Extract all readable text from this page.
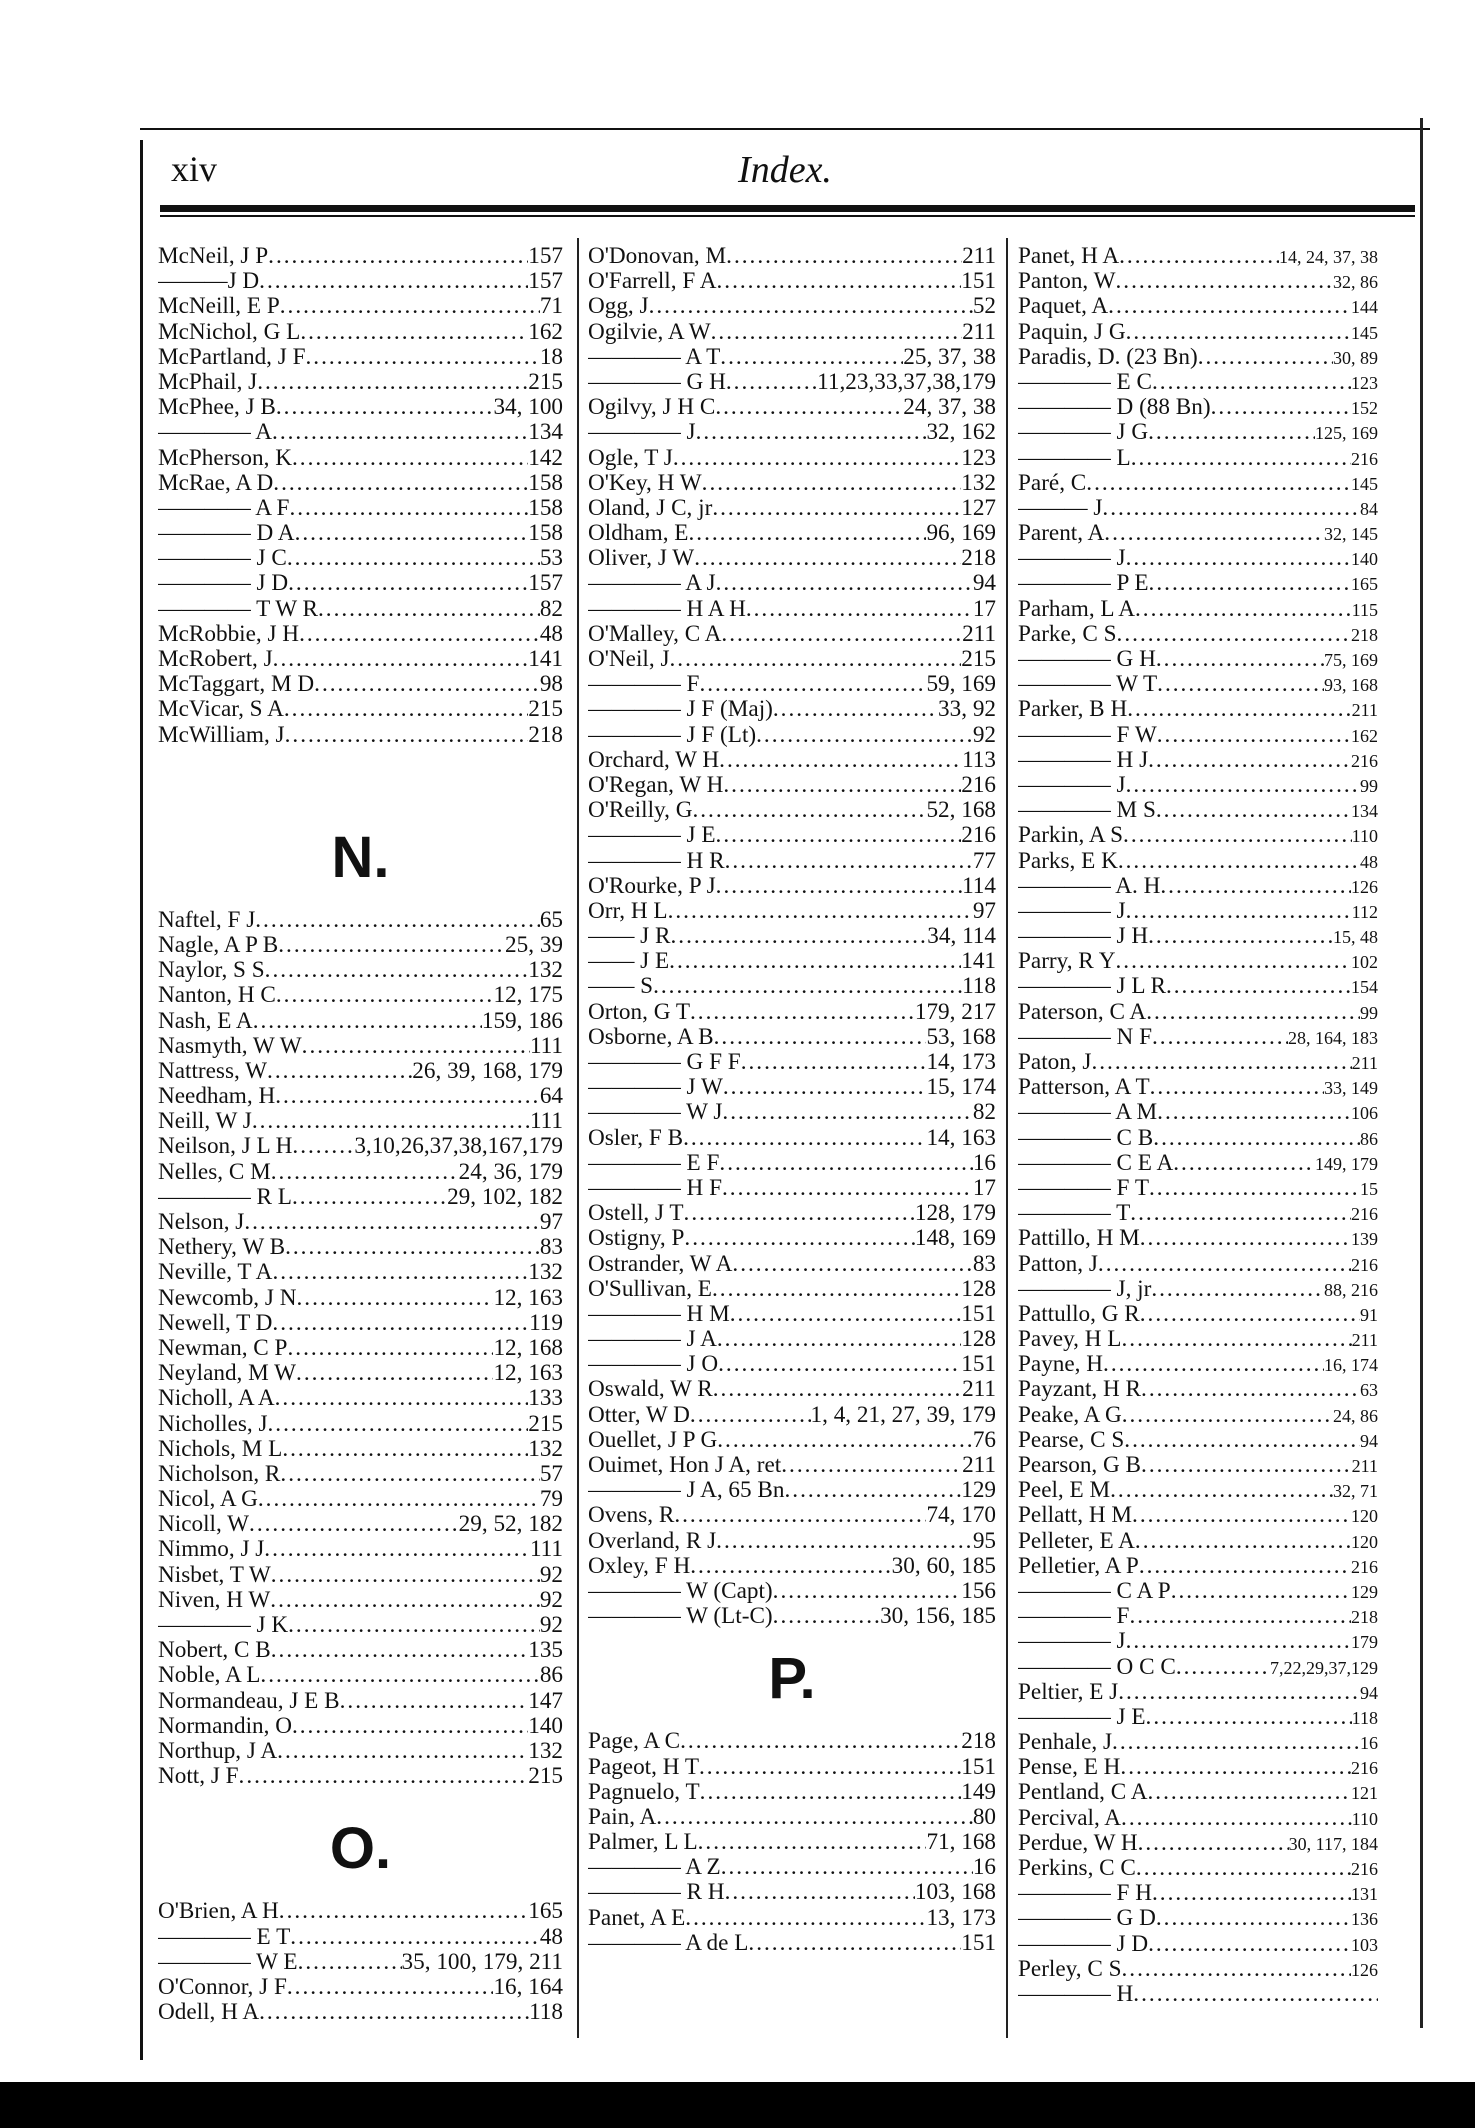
xiv	Index.
McNeil, J P .....	157
———J D .....	157
McNeill, E P .....	71
McNichol, G L .....	162
McPartland, J F .....	18
McPhail, J .....	215
McPhee, J B .....	34, 100
———— A .....	134
McPherson, K .....	142
McRae, A D .....	158
———— A F .....	158
———— D A .....	158
———— J C .....	53
———— J D .....	157
———— T W R .....	82
McRobbie, J H .....	48
McRobert, J .....	141
McTaggart, M D .....	98
McVicar, S A .....	215
McWilliam, J .....	218
N.
Naftel, F J .....	65
Nagle, A P B .....	25, 39
Naylor, S S .....	132
Nanton, H C .....	12, 175
Nash, E A .....	159, 186
Nasmyth, W W .....	111
Nattress, W .....	26, 39, 168, 179
Needham, H .....	64
Neill, W J .....	111
Neilson, J L H .....	3,10,26,37,38,167,179
Nelles, C M .....	24, 36, 179
———— R L .....	29, 102, 182
Nelson, J .....	97
Nethery, W B .....	83
Neville, T A .....	132
Newcomb, J N .....	12, 163
Newell, T D .....	119
Newman, C P .....	12, 168
Neyland, M W .....	12, 163
Nicholl, A A .....	133
Nicholles, J .....	215
Nichols, M L .....	132
Nicholson, R .....	57
Nicol, A G .....	79
Nicoll, W .....	29, 52, 182
Nimmo, J J .....	111
Nisbet, T W .....	92
Niven, H W .....	92
———— J K .....	92
Nobert, C B .....	135
Noble, A L .....	86
Normandeau, J E B .....	147
Normandin, O .....	140
Northup, J A .....	132
Nott, J F .....	215
O.
O'Brien, A H .....	165
———— E T .....	48
———— W E .....	35, 100, 179, 211
O'Connor, J F .....	16, 164
Odell, H A .....	118
O'Donovan, M .....	211
O'Farrell, F A .....	151
Ogg, J .....	52
Ogilvie, A W .....	211
———— A T .....	25, 37, 38
———— G H .....	11,23,33,37,38,179
Ogilvy, J H C .....	24, 37, 38
———— J .....	32, 162
Ogle, T J .....	123
O'Key, H W .....	132
Oland, J C, jr .....	127
Oldham, E .....	96, 169
Oliver, J W .....	218
———— A J .....	94
———— H A H .....	17
O'Malley, C A .....	211
O'Neil, J .....	215
———— F .....	59, 169
———— J F (Maj) .....	33, 92
———— J F (Lt) .....	92
Orchard, W H .....	113
O'Regan, W H .....	216
O'Reilly, G .....	52, 168
———— J E .....	216
———— H R .....	77
O'Rourke, P J .....	114
Orr, H L .....	97
—— J R .....	34, 114
—— J E .....	141
—— S .....	118
Orton, G T .....	179, 217
Osborne, A B .....	53, 168
———— G F F .....	14, 173
———— J W .....	15, 174
———— W J .....	82
Osler, F B .....	14, 163
———— E F .....	16
———— H F .....	17
Ostell, J T .....	128, 179
Ostigny, P .....	148, 169
Ostrander, W A .....	83
O'Sullivan, E .....	128
———— H M .....	151
———— J A .....	128
———— J O .....	151
Oswald, W R .....	211
Otter, W D .....	1, 4, 21, 27, 39, 179
Ouellet, J P G .....	76
Ouimet, Hon J A, ret .....	211
———— J A, 65 Bn .....	129
Ovens, R .....	74, 170
Overland, R J .....	95
Oxley, F H .....	30, 60, 185
———— W (Capt) .....	156
———— W (Lt-C) .....	30, 156, 185
P.
Page, A C .....	218
Pageot, H T .....	151
Pagnuelo, T .....	149
Pain, A .....	80
Palmer, L L .....	71, 168
———— A Z .....	16
———— R H .....	103, 168
Panet, A E .....	13, 173
———— A de L .....	151
Panet, H A .....	14, 24, 37, 38
Panton, W .....	32, 86
Paquet, A .....	144
Paquin, J G .....	145
Paradis, D. (23 Bn) .....	30, 89
———— E C .....	123
———— D (88 Bn) .....	152
———— J G .....	125, 169
———— L .....	216
Paré, C .....	145
——— J .....	84
Parent, A .....	32, 145
———— J .....	140
———— P E .....	165
Parham, L A .....	115
Parke, C S .....	218
———— G H .....	75, 169
———— W T .....	93, 168
Parker, B H .....	211
———— F W .....	162
———— H J .....	216
———— J .....	99
———— M S .....	134
Parkin, A S .....	110
Parks, E K .....	48
———— A. H .....	126
———— J .....	112
———— J H .....	15, 48
Parry, R Y .....	102
———— J L R .....	154
Paterson, C A .....	99
———— N F .....	28, 164, 183
Paton, J .....	211
Patterson, A T .....	33, 149
———— A M .....	106
———— C B .....	86
———— C E A .....	149, 179
———— F T .....	15
———— T .....	216
Pattillo, H M .....	139
Patton, J .....	216
———— J, jr .....	88, 216
Pattullo, G R .....	91
Pavey, H L .....	211
Payne, H .....	16, 174
Payzant, H R .....	63
Peake, A G .....	24, 86
Pearse, C S .....	94
Pearson, G B .....	211
Peel, E M .....	32, 71
Pellatt, H M .....	120
Pelleter, E A .....	120
Pelletier, A P .....	216
———— C A P .....	129
———— F .....	218
———— J .....	179
———— O C C .....	7,22,29,37,129
Peltier, E J .....	94
———— J E .....	118
Penhale, J .....	16
Pense, E H .....	216
Pentland, C A .....	121
Percival, A .....	110
Perdue, W H .....	30, 117, 184
Perkins, C C .....	216
———— F H .....	131
———— G D .....	136
———— J D .....	103
Perley, C S .....	126
———— H
.....
